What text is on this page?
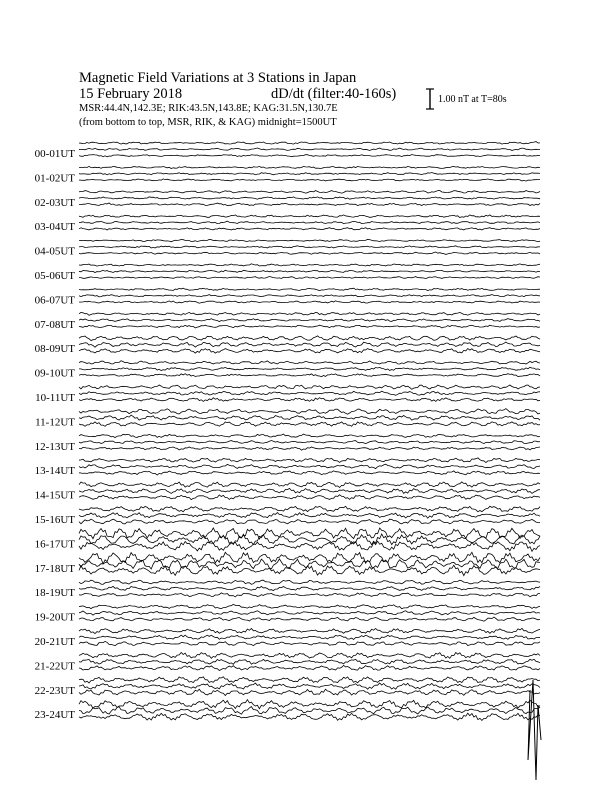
Magnetic Field Variations at 3 Stations in Japan
15 February 2018	dD/dt (filter:40-160s)
MSR:44.4N,142.3E; RIK:43.5N,143.8E; KAG:31.5N,130.7E
(from bottom to top, MSR, RIK, & KAG) midnight=1500UT
1.00 nT at T=80s
00-01UT
01-02UT
02-03UT
03-04UT
04-05UT
05-06UT
06-07UT
07-08UT
08-09UT
09-10UT
10-11UT
11-12UT
12-13UT
13-14UT
14-15UT
15-16UT
16-17UT
17-18UT
18-19UT
19-20UT
20-21UT
21-22UT
22-23UT
23-24UT
